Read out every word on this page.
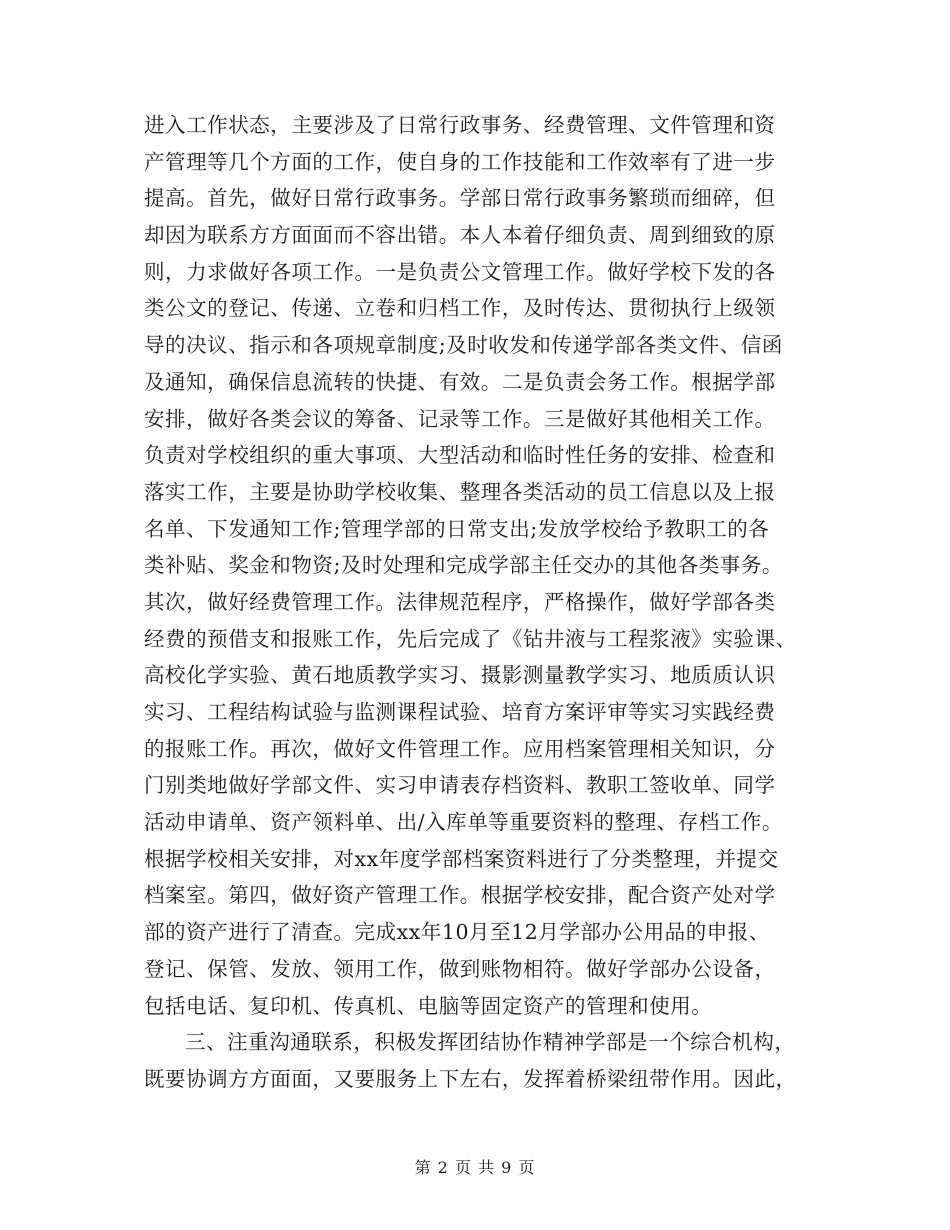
进入工作状态，主要涉及了日常行政事务、经费管理、文件管理和资
产管理等几个方面的工作，使自身的工作技能和工作效率有了进一步
提高。首先，做好日常行政事务。学部日常行政事务繁琐而细碎，但
却因为联系方方面面而不容出错。本人本着仔细负责、周到细致的原
则，力求做好各项工作。一是负责公文管理工作。做好学校下发的各
类公文的登记、传递、立卷和归档工作，及时传达、贯彻执行上级领
导的决议、指示和各项规章制度;及时收发和传递学部各类文件、信函
及通知，确保信息流转的快捷、有效。二是负责会务工作。根据学部
安排，做好各类会议的筹备、记录等工作。三是做好其他相关工作。
负责对学校组织的重大事项、大型活动和临时性任务的安排、检查和
落实工作，主要是协助学校收集、整理各类活动的员工信息以及上报
名单、下发通知工作;管理学部的日常支出;发放学校给予教职工的各
类补贴、奖金和物资;及时处理和完成学部主任交办的其他各类事务。
其次，做好经费管理工作。法律规范程序，严格操作，做好学部各类
经费的预借支和报账工作，先后完成了《钻井液与工程浆液》实验课、
高校化学实验、黄石地质教学实习、摄影测量教学实习、地质质认识
实习、工程结构试验与监测课程试验、培育方案评审等实习实践经费
的报账工作。再次，做好文件管理工作。应用档案管理相关知识，分
门别类地做好学部文件、实习申请表存档资料、教职工签收单、同学
活动申请单、资产领料单、出/入库单等重要资料的整理、存档工作。
根据学校相关安排，对xx年度学部档案资料进行了分类整理，并提交
档案室。第四，做好资产管理工作。根据学校安排，配合资产处对学
部的资产进行了清查。完成xx年10月至12月学部办公用品的申报、
登记、保管、发放、领用工作，做到账物相符。做好学部办公设备，
包括电话、复印机、传真机、电脑等固定资产的管理和使用。
三、注重沟通联系，积极发挥团结协作精神学部是一个综合机构，
既要协调方方面面，又要服务上下左右，发挥着桥梁纽带作用。因此，
第 2 页 共 9 页
